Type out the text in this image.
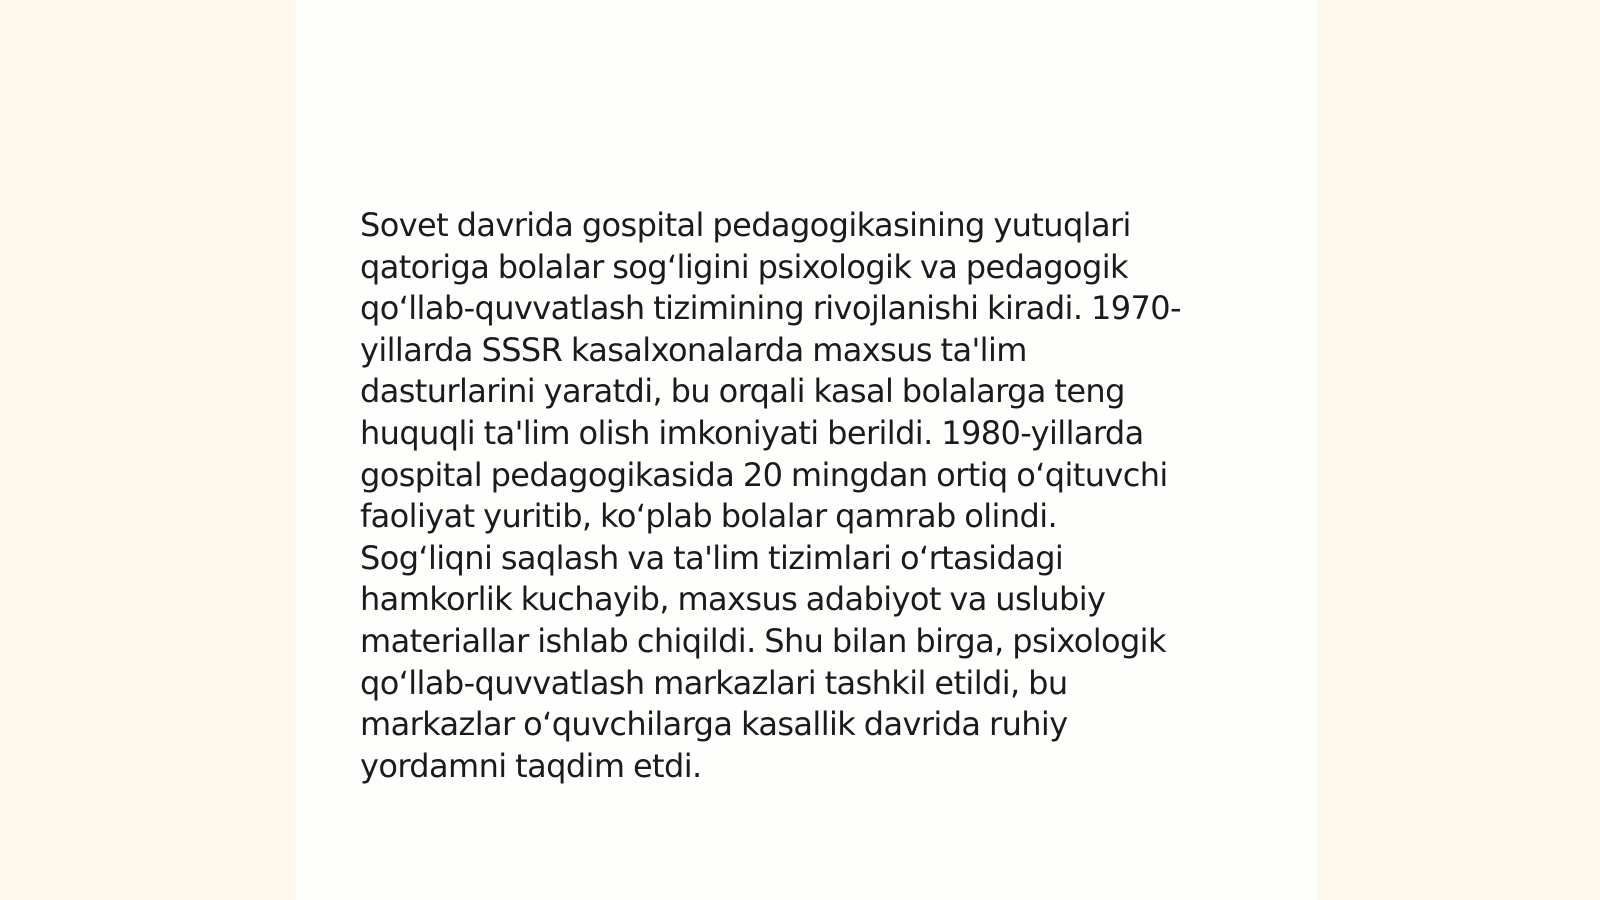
Sovet davrida gospital pedagogikasining yutuqlari
qatoriga bolalar sog‘ligini psixologik va pedagogik
qo‘llab-quvvatlash tizimining rivojlanishi kiradi. 1970-
yillarda SSSR kasalxonalarda maxsus ta'lim
dasturlarini yaratdi, bu orqali kasal bolalarga teng
huquqli ta'lim olish imkoniyati berildi. 1980-yillarda
gospital pedagogikasida 20 mingdan ortiq o‘qituvchi
faoliyat yuritib, ko‘plab bolalar qamrab olindi.
Sog‘liqni saqlash va ta'lim tizimlari o‘rtasidagi
hamkorlik kuchayib, maxsus adabiyot va uslubiy
materiallar ishlab chiqildi. Shu bilan birga, psixologik
qo‘llab-quvvatlash markazlari tashkil etildi, bu
markazlar o‘quvchilarga kasallik davrida ruhiy
yordamni taqdim etdi.
